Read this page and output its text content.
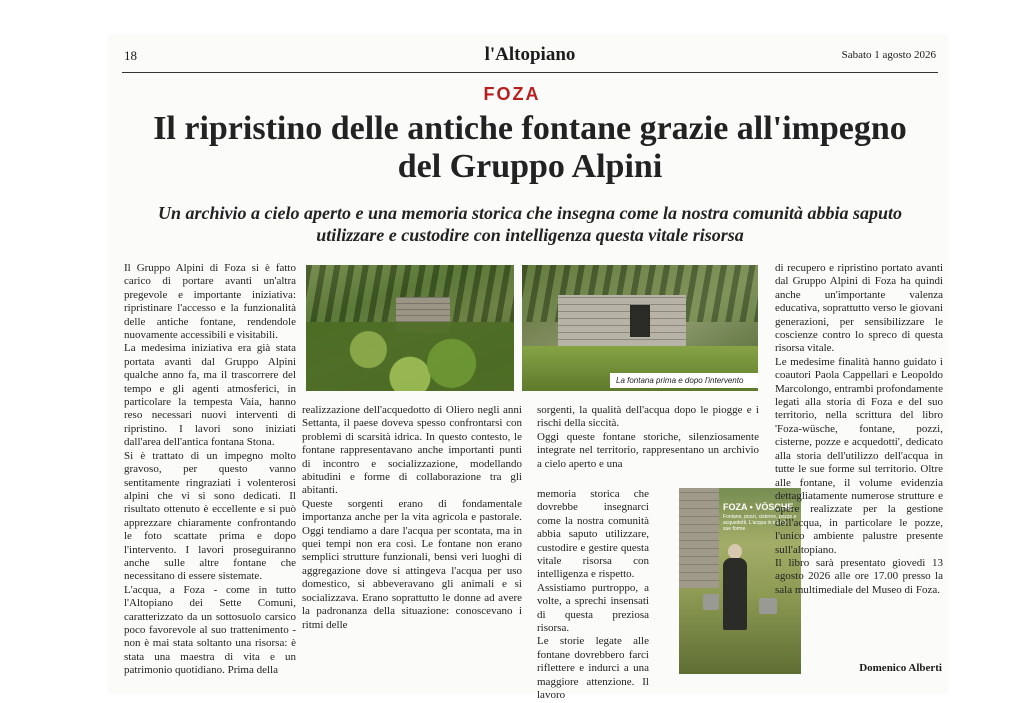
18	l'Altopiano	Sabato 1 agosto 2026
FOZA
Il ripristino delle antiche fontane grazie all'impegno del Gruppo Alpini
Un archivio a cielo aperto e una memoria storica che insegna come la nostra comunità abbia saputo utilizzare e custodire con intelligenza questa vitale risorsa

Il Gruppo Alpini di Foza si è fatto carico di portare avanti un'altra pregevole e importante iniziativa: ripristinare l'accesso e la funzionalità delle antiche fontane, rendendole nuovamente accessibili e visitabili.

La medesima iniziativa era già stata portata avanti dal Gruppo Alpini qualche anno fa, ma il trascorrere del tempo e gli agenti atmosferici, in particolare la tempesta Vaia, hanno reso necessari nuovi interventi di ripristino. I lavori sono iniziati dall'area dell'antica fontana Stona.

Si è trattato di un impegno molto gravoso, per questo vanno sentitamente ringraziati i volenterosi alpini che vi si sono dedicati. Il risultato ottenuto è eccellente e si può apprezzare chiaramente confrontando le foto scattate prima e dopo l'intervento. I lavori proseguiranno anche sulle altre fontane che necessitano di essere sistemate.

L'acqua, a Foza - come in tutto l'Altopiano dei Sette Comuni, caratterizzato da un sottosuolo carsico poco favorevole al suo trattenimento - non è mai stata soltanto una risorsa: è stata una maestra di vita e un patrimonio quotidiano. Prima della

La fontana prima e dopo l'intervento

realizzazione dell'acquedotto di Oliero negli anni Settanta, il paese doveva spesso confrontarsi con problemi di scarsità idrica. In questo contesto, le fontane rappresentavano anche importanti punti di incontro e socializzazione, modellando abitudini e forme di collaborazione tra gli abitanti.

Queste sorgenti erano di fondamentale importanza anche per la vita agricola e pastorale. Oggi tendiamo a dare l'acqua per scontata, ma in quei tempi non era così. Le fontane non erano semplici strutture funzionali, bensì veri luoghi di aggregazione dove si attingeva l'acqua per uso domestico, si abbeveravano gli animali e si socializzava. Erano soprattutto le donne ad avere la padronanza della situazione: conoscevano i ritmi delle

sorgenti, la qualità dell'acqua dopo le piogge e i rischi della siccità.

Oggi queste fontane storiche, silenziosamente integrate nel territorio, rappresentano un archivio a cielo aperto e una

memoria storica che dovrebbe insegnarci come la nostra comunità abbia saputo utilizzare, custodire e gestire questa vitale risorsa con intelligenza e rispetto.

Assistiamo purtroppo, a volte, a sprechi insensati di questa preziosa risorsa.

Le storie legate alle fontane dovrebbero farci riflettere e indurci a una maggiore attenzione. Il lavoro

FOZA • VÖSCHE
Fontane, pozzi, cisterne, pozze e acquedotti. L'acqua in tutte le sue forme

di recupero e ripristino portato avanti dal Gruppo Alpini di Foza ha quindi anche un'importante valenza educativa, soprattutto verso le giovani generazioni, per sensibilizzare le coscienze contro lo spreco di questa risorsa vitale.

Le medesime finalità hanno guidato i coautori Paola Cappellari e Leopoldo Marcolongo, entrambi profondamente legati alla storia di Foza e del suo territorio, nella scrittura del libro 'Foza-wüsche, fontane, pozzi, cisterne, pozze e acquedotti', dedicato alla storia dell'utilizzo dell'acqua in tutte le sue forme sul territorio. Oltre alle fontane, il volume evidenzia dettagliatamente numerose strutture e opere realizzate per la gestione dell'acqua, in particolare le pozze, l'unico ambiente palustre presente sull'altopiano.

Il libro sarà presentato giovedì 13 agosto 2026 alle ore 17.00 presso la sala multimediale del Museo di Foza.

Domenico Alberti
